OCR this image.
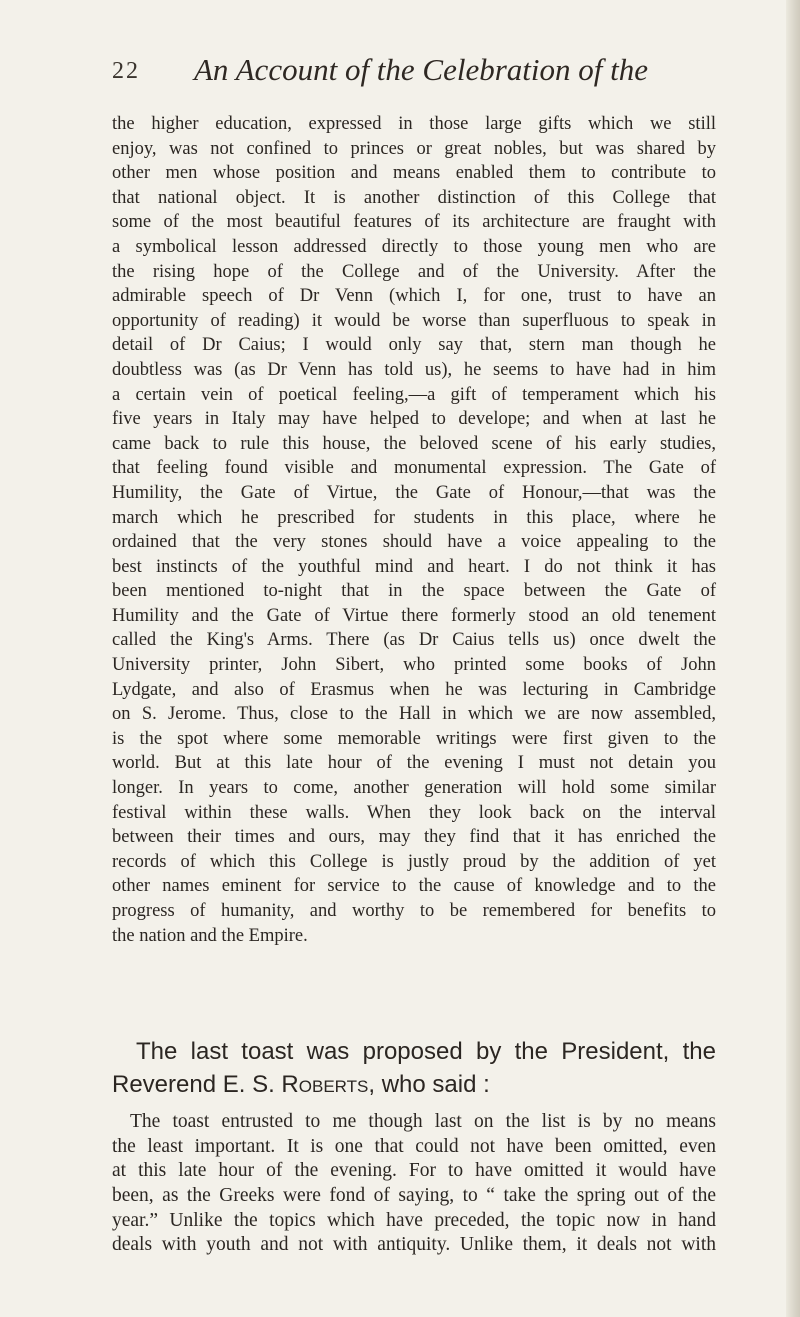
22 An Account of the Celebration of the
the higher education, expressed in those large gifts which we still
enjoy, was not confined to princes or great nobles, but was shared by
other men whose position and means enabled them to contribute to
that national object. It is another distinction of this College that
some of the most beautiful features of its architecture are fraught with
a symbolical lesson addressed directly to those young men who are
the rising hope of the College and of the University. After the
admirable speech of Dr Venn (which I, for one, trust to have an
opportunity of reading) it would be worse than superfluous to speak in
detail of Dr Caius; I would only say that, stern man though he
doubtless was (as Dr Venn has told us), he seems to have had in him
a certain vein of poetical feeling,—a gift of temperament which his
five years in Italy may have helped to develope; and when at last he
came back to rule this house, the beloved scene of his early studies,
that feeling found visible and monumental expression. The Gate of
Humility, the Gate of Virtue, the Gate of Honour,—that was the
march which he prescribed for students in this place, where he
ordained that the very stones should have a voice appealing to the
best instincts of the youthful mind and heart. I do not think it has
been mentioned to-night that in the space between the Gate of
Humility and the Gate of Virtue there formerly stood an old tenement
called the King's Arms. There (as Dr Caius tells us) once dwelt the
University printer, John Sibert, who printed some books of John
Lydgate, and also of Erasmus when he was lecturing in Cambridge
on S. Jerome. Thus, close to the Hall in which we are now assembled,
is the spot where some memorable writings were first given to the
world. But at this late hour of the evening I must not detain you
longer. In years to come, another generation will hold some similar
festival within these walls. When they look back on the interval
between their times and ours, may they find that it has enriched the
records of which this College is justly proud by the addition of yet
other names eminent for service to the cause of knowledge and to the
progress of humanity, and worthy to be remembered for benefits to
the nation and the Empire.
The last toast was proposed by the President, the
Reverend E. S. Roberts, who said :
The toast entrusted to me though last on the list is by no means
the least important. It is one that could not have been omitted, even
at this late hour of the evening. For to have omitted it would have
been, as the Greeks were fond of saying, to “ take the spring out of the
year.” Unlike the topics which have preceded, the topic now in hand
deals with youth and not with antiquity. Unlike them, it deals not with
